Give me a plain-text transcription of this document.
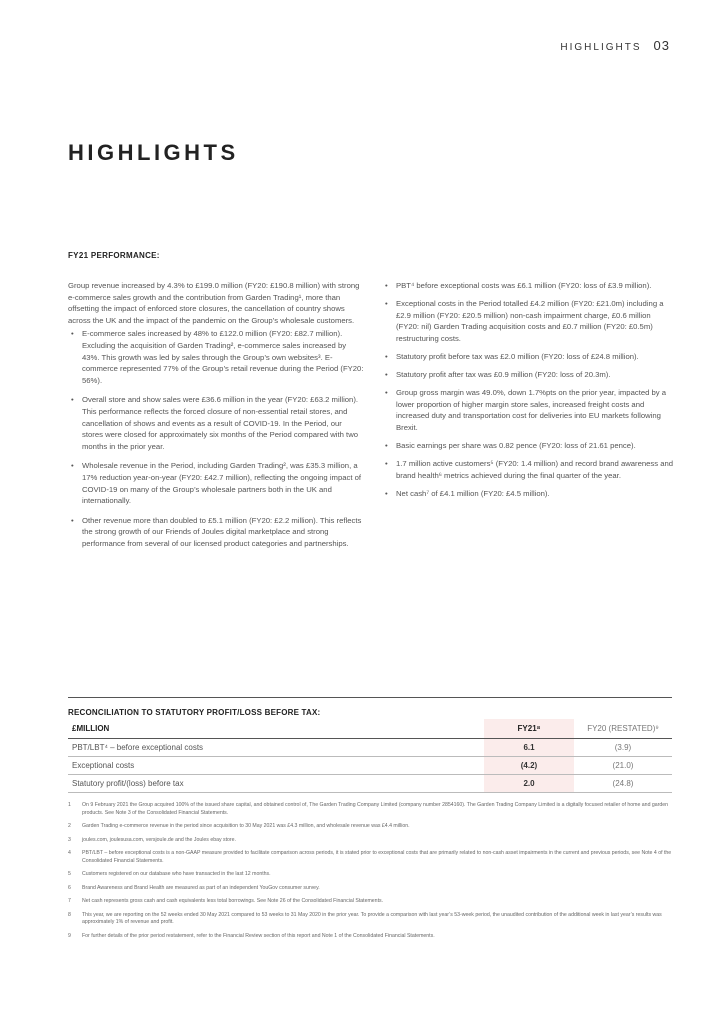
HIGHLIGHTS 03
HIGHLIGHTS
FY21 PERFORMANCE:

Group revenue increased by 4.3% to £199.0 million (FY20: £190.8 million) with strong e-commerce sales growth and the contribution from Garden Trading¹, more than offsetting the impact of enforced store closures, the cancellation of country shows across the UK and the impact of the pandemic on the Group’s wholesale customers.

• E-commerce sales increased by 48% to £122.0 million (FY20: £82.7 million). Excluding the acquisition of Garden Trading², e-commerce sales increased by 43%. This growth was led by sales through the Group’s own websites³. E-commerce represented 77% of the Group’s retail revenue during the Period (FY20: 56%).
• Overall store and show sales were £36.6 million in the year (FY20: £63.2 million). This performance reflects the forced closure of non-essential retail stores, and cancellation of shows and events as a result of COVID-19. In the Period, our stores were closed for approximately six months of the Period compared with two months in the prior year.
• Wholesale revenue in the Period, including Garden Trading², was £35.3 million, a 17% reduction year-on-year (FY20: £42.7 million), reflecting the ongoing impact of COVID-19 on many of the Group’s wholesale partners both in the UK and internationally.
• Other revenue more than doubled to £5.1 million (FY20: £2.2 million). This reflects the strong growth of our Friends of Joules digital marketplace and strong performance from several of our licensed product categories and partnerships.
• PBT⁴ before exceptional costs was £6.1 million (FY20: loss of £3.9 million).
• Exceptional costs in the Period totalled £4.2 million (FY20: £21.0m) including a £2.9 million (FY20: £20.5 million) non-cash impairment charge, £0.6 million (FY20: nil) Garden Trading acquisition costs and £0.7 million (FY20: £0.5m) restructuring costs.
• Statutory profit before tax was £2.0 million (FY20: loss of £24.8 million).
• Statutory profit after tax was £0.9 million (FY20: loss of 20.3m).
• Group gross margin was 49.0%, down 1.7%pts on the prior year, impacted by a lower proportion of higher margin store sales, increased freight costs and increased duty and transportation cost for deliveries into EU markets following Brexit.
• Basic earnings per share was 0.82 pence (FY20: loss of 21.61 pence).
• 1.7 million active customers⁵ (FY20: 1.4 million) and record brand awareness and brand health⁶ metrics achieved during the final quarter of the year.
• Net cash⁷ of £4.1 million (FY20: £4.5 million).
RECONCILIATION TO STATUTORY PROFIT/LOSS BEFORE TAX:
£MILLION	FY21⁸	FY20 (RESTATED)⁹
PBT/LBT⁴ – before exceptional costs	6.1	(3.9)
Exceptional costs	(4.2)	(21.0)
Statutory profit/(loss) before tax	2.0	(24.8)
1	On 9 February 2021 the Group acquired 100% of the issued share capital, and obtained control of, The Garden Trading Company Limited (company number 2854160). The Garden Trading Company Limited is a digitally focused retailer of home and garden products. See Note 3 of the Consolidated Financial Statements.
2	Garden Trading e-commerce revenue in the period since acquisition to 30 May 2021 was £4.3 million, and wholesale revenue was £4.4 million.
3	joules.com, joulesusa.com, versjoule.de and the Joules ebay store.
4	PBT/LBT – before exceptional costs is a non-GAAP measure provided to facilitate comparison across periods, it is stated prior to exceptional costs that are primarily related to non-cash asset impairments in the current and previous periods, see Note 4 of the Consolidated Financial Statements.
5	Customers registered on our database who have transacted in the last 12 months.
6	Brand Awareness and Brand Health are measured as part of an independent YouGov consumer survey.
7	Net cash represents gross cash and cash equivalents less total borrowings. See Note 26 of the Consolidated Financial Statements.
8	This year, we are reporting on the 52 weeks ended 30 May 2021 compared to 53 weeks to 31 May 2020 in the prior year. To provide a comparison with last year’s 53-week period, the unaudited contribution of the additional week in last year’s results was approximately 1% of revenue and profit.
9	For further details of the prior period restatement, refer to the Financial Review section of this report and Note 1 of the Consolidated Financial Statements.
